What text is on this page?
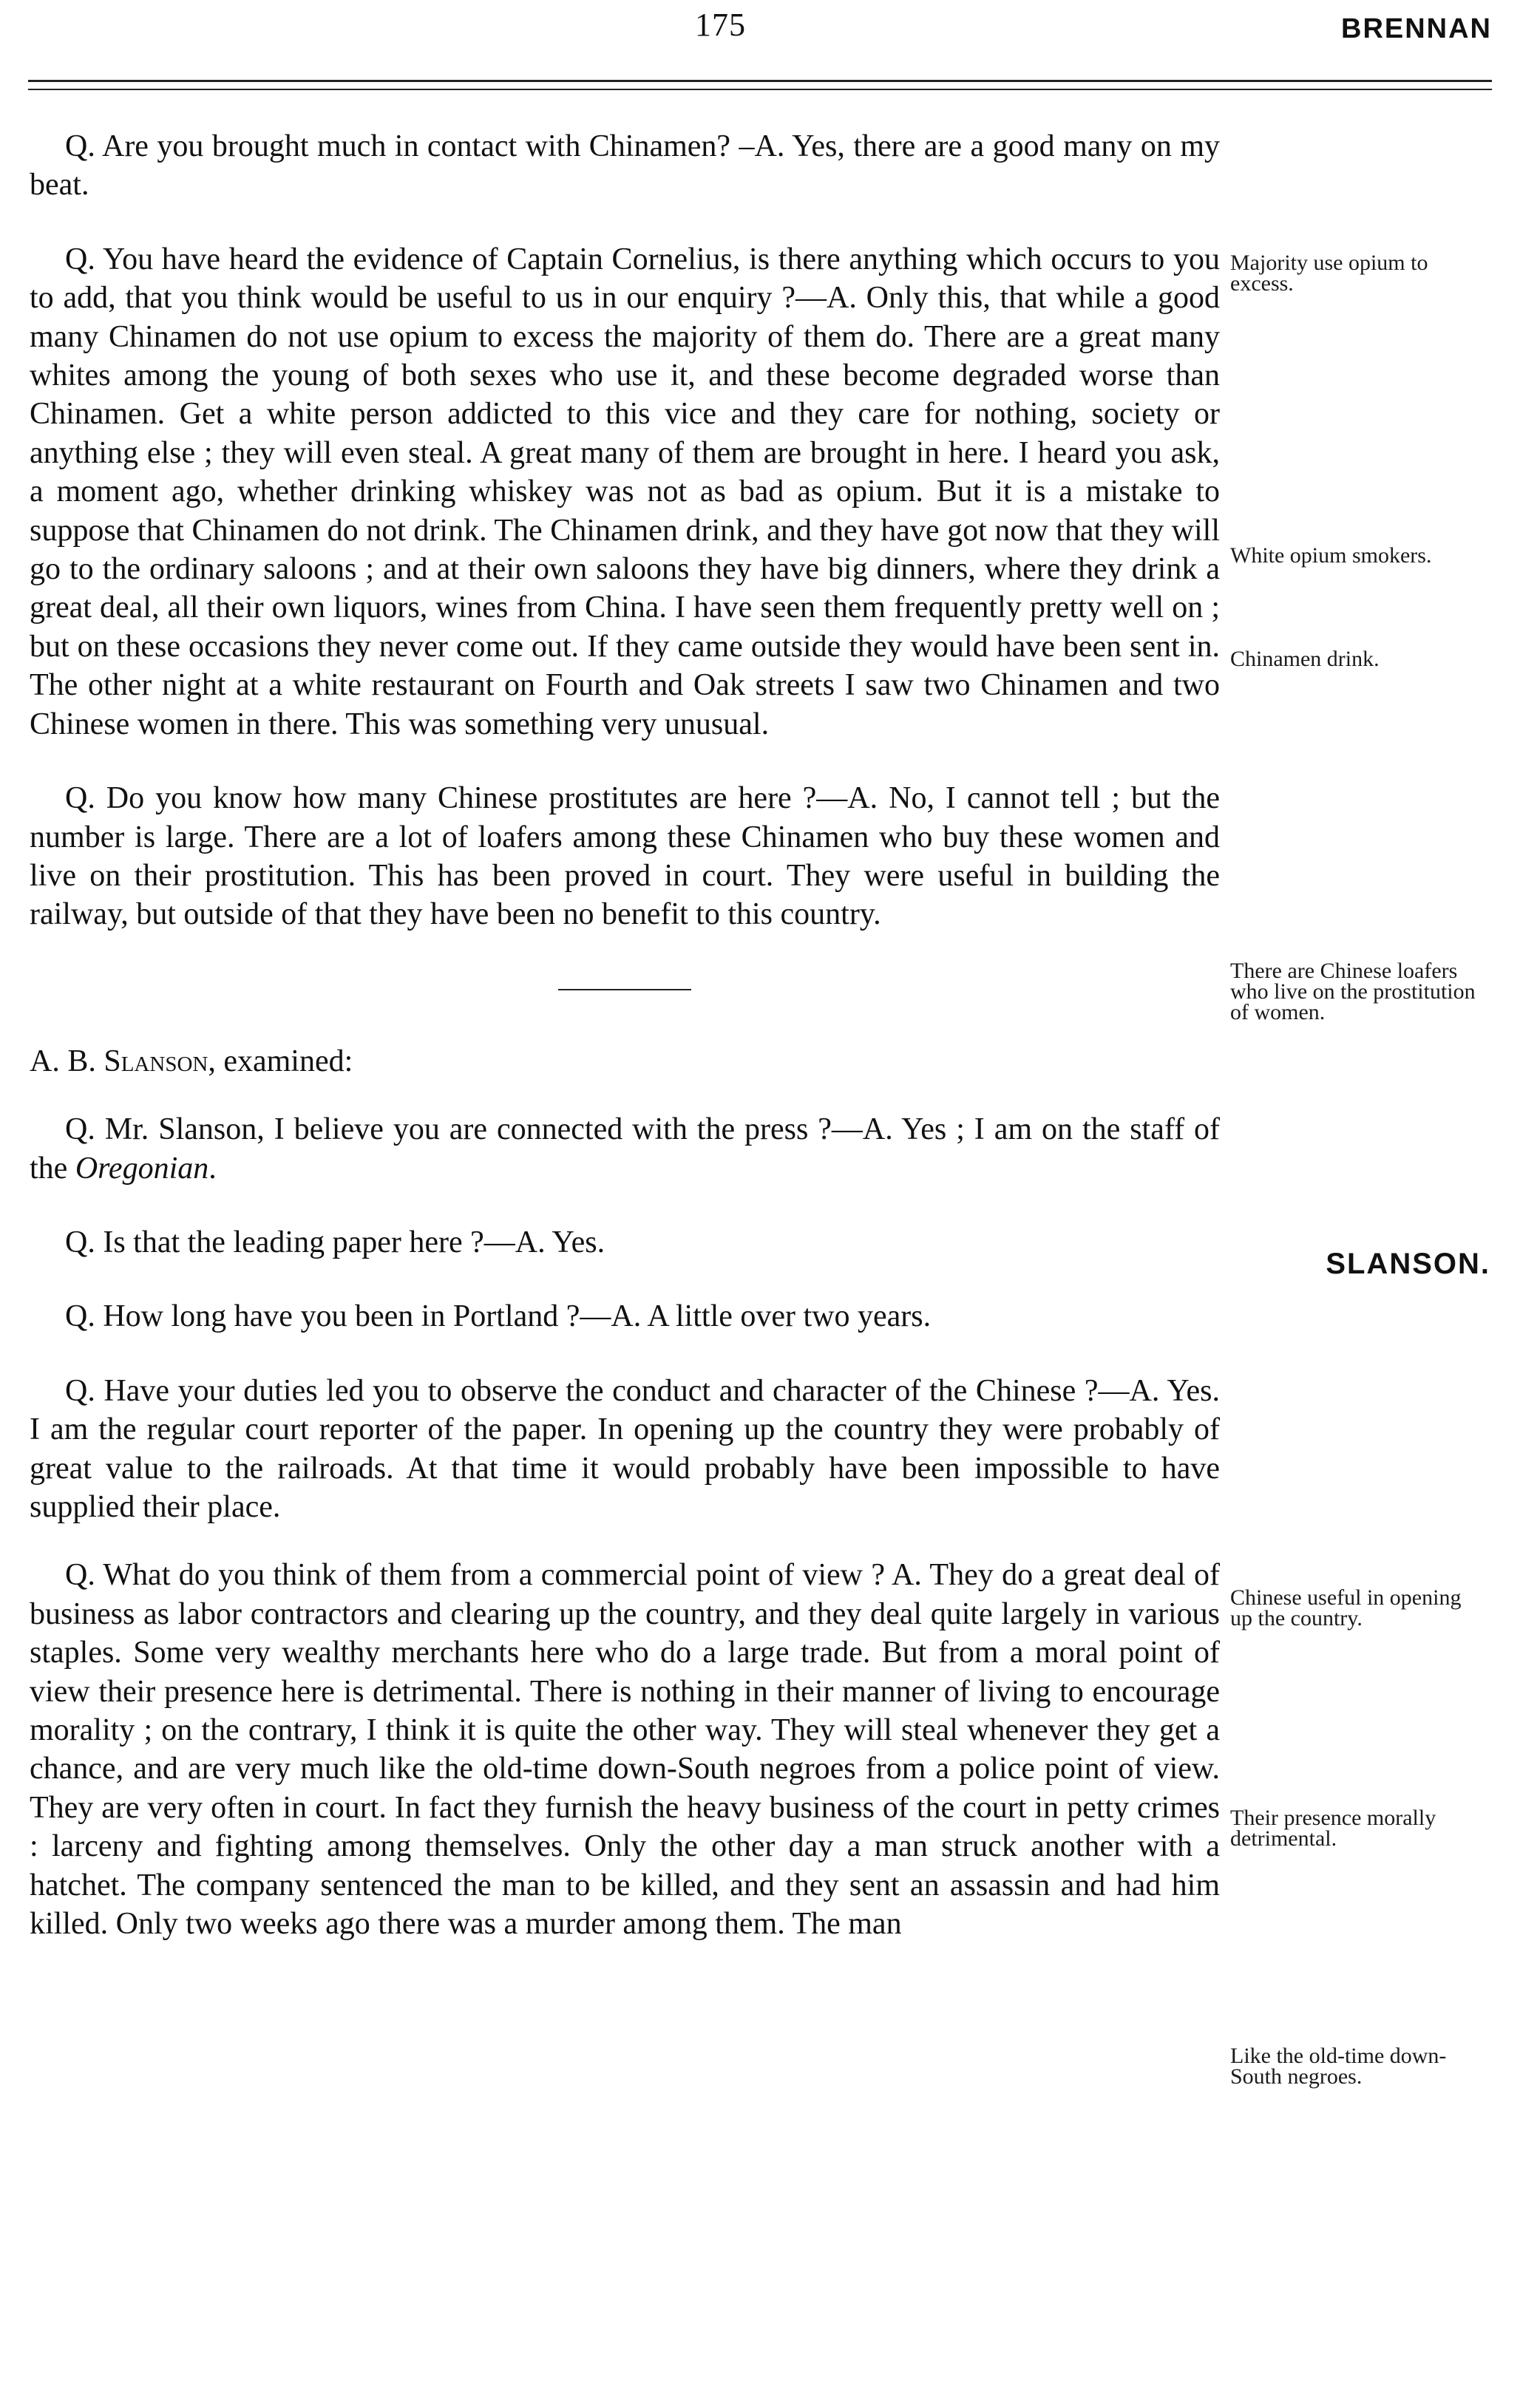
175	BRENNAN

Q. Are you brought much in contact with Chinamen? –A. Yes, there are a good many on my beat.

Q. You have heard the evidence of Captain Cornelius, is there anything which occurs to you to add, that you think would be useful to us in our enquiry ?—A. Only this, that while a good many Chinamen do not use opium to excess the majority of them do. There are a great many whites among the young of both sexes who use it, and these become degraded worse than Chinamen. Get a white person addicted to this vice and they care for nothing, society or anything else ; they will even steal. A great many of them are brought in here. I heard you ask, a moment ago, whether drinking whiskey was not as bad as opium. But it is a mistake to suppose that Chinamen do not drink. The Chinamen drink, and they have got now that they will go to the ordinary saloons ; and at their own saloons they have big dinners, where they drink a great deal, all their own liquors, wines from China. I have seen them frequently pretty well on ; but on these occasions they never come out. If they came outside they would have been sent in. The other night at a white restaurant on Fourth and Oak streets I saw two Chinamen and two Chinese women in there. This was something very unusual.

Q. Do you know how many Chinese prostitutes are here ?—A. No, I cannot tell ; but the number is large. There are a lot of loafers among these Chinamen who buy these women and live on their prostitution. This has been proved in court. They were useful in building the railway, but outside of that they have been no benefit to this country.

A. B. Slanson, examined:

Q. Mr. Slanson, I believe you are connected with the press ?—A. Yes ; I am on the staff of the Oregonian.

Q. Is that the leading paper here ?—A. Yes.

Q. How long have you been in Portland ?—A. A little over two years.

Q. Have your duties led you to observe the conduct and character of the Chinese ?—A. Yes. I am the regular court reporter of the paper. In opening up the country they were probably of great value to the railroads. At that time it would probably have been impossible to have supplied their place.

Q. What do you think of them from a commercial point of view ? A. They do a great deal of business as labor contractors and clearing up the country, and they deal quite largely in various staples. Some very wealthy merchants here who do a large trade. But from a moral point of view their presence here is detrimental. There is nothing in their manner of living to encourage morality ; on the contrary, I think it is quite the other way. They will steal whenever they get a chance, and are very much like the old-time down-South negroes from a police point of view. They are very often in court. In fact they furnish the heavy business of the court in petty crimes : larceny and fighting among themselves. Only the other day a man struck another with a hatchet. The company sentenced the man to be killed, and they sent an assassin and had him killed. Only two weeks ago there was a murder among them. The man

SLANSON.
Majority use opium to excess.
White opium smokers.
Chinamen drink.
There are Chinese loafers who live on the prostitution of women.
Chinese useful in opening up the country.
Their presence morally detrimental.
Like the old-time down-South negroes.
